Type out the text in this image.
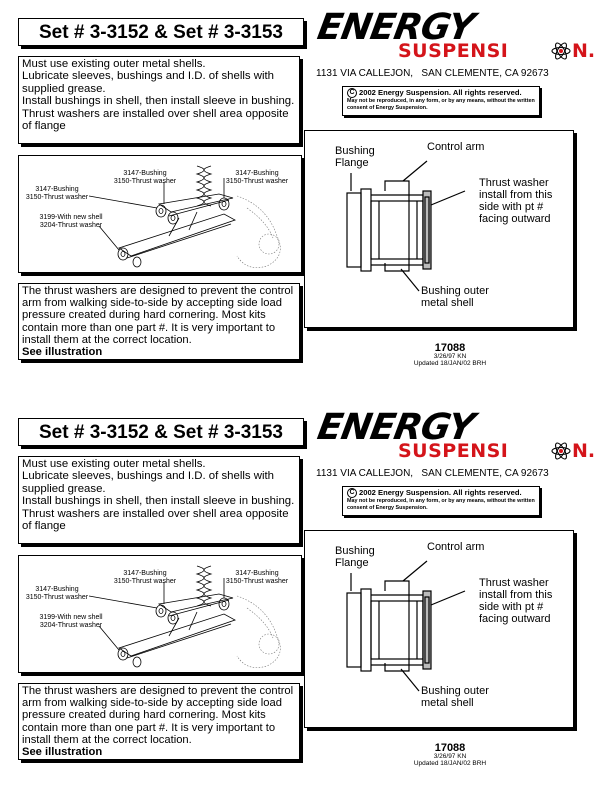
Set # 3-3152 & Set # 3-3153

Must use existing outer metal shells.

Lubricate sleeves, bushings and I.D. of shells with supplied grease.

Install bushings in shell, then install sleeve in bushing.

Thrust washers are installed over shell area opposite of flange

3147-Bushing
3150-Thrust washer
3147-Bushing
3150-Thrust washer
3147-Bushing
3150-Thrust washer
3199-With new shell
3204-Thrust washer
The thrust washers are designed to prevent the control arm from walking side-to-side by accepting side load pressure created during hard cornering. Most kits contain more than one part #. It is very important to install them at the correct location.
See illustration
ENERGY
SUSPENSI	N.
1131 VIA CALLEJON,   SAN CLEMENTE, CA 92673
C 2002 Energy Suspension. All rights reserved.
May not be reproduced, in any form, or by any means, without the written consent of Energy Suspension.
Bushing
Flange
Control arm
Thrust washer
install from this
side with pt #
facing outward
Bushing outer
metal shell
17088
3/26/97 KN
Updated 18/JAN/02 BRH
Set # 3-3152 & Set # 3-3153

Must use existing outer metal shells.

Lubricate sleeves, bushings and I.D. of shells with supplied grease.

Install bushings in shell, then install sleeve in bushing.

Thrust washers are installed over shell area opposite of flange

3147-Bushing
3150-Thrust washer
3147-Bushing
3150-Thrust washer
3147-Bushing
3150-Thrust washer
3199-With new shell
3204-Thrust washer
The thrust washers are designed to prevent the control arm from walking side-to-side by accepting side load pressure created during hard cornering. Most kits contain more than one part #. It is very important to install them at the correct location.
See illustration
ENERGY
SUSPENSI	N.
1131 VIA CALLEJON,   SAN CLEMENTE, CA 92673
C 2002 Energy Suspension. All rights reserved.
May not be reproduced, in any form, or by any means, without the written consent of Energy Suspension.
Bushing
Flange
Control arm
Thrust washer
install from this
side with pt #
facing outward
Bushing outer
metal shell
17088
3/26/97 KN
Updated 18/JAN/02 BRH
